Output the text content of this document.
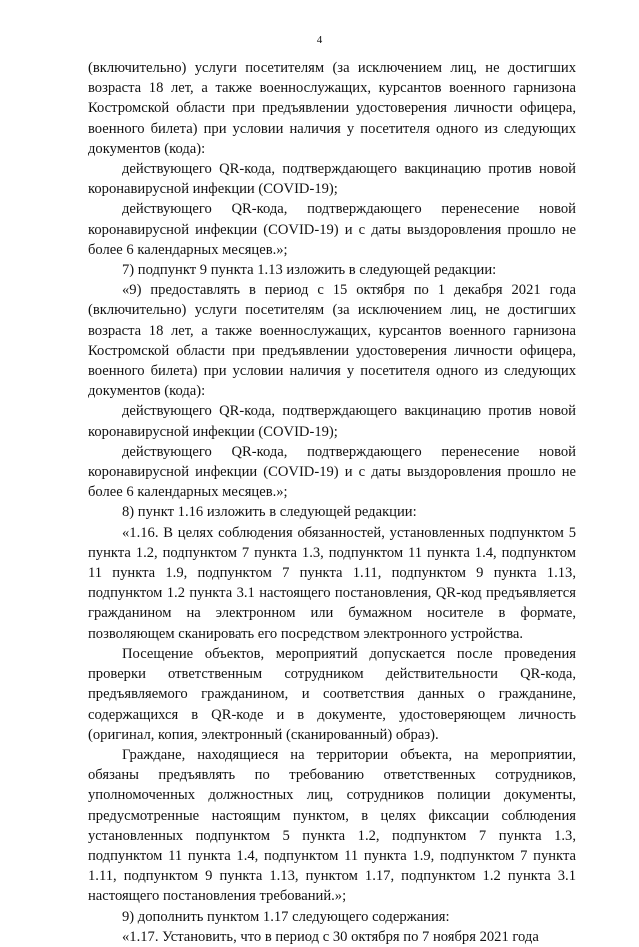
4

(включительно) услуги посетителям (за исключением лиц, не достигших возраста 18 лет, а также военнослужащих, курсантов военного гарнизона Костромской области при предъявлении удостоверения личности офицера, военного билета) при условии наличия у посетителя одного из следующих документов (кода):

действующего QR-кода, подтверждающего вакцинацию против новой коронавирусной инфекции (COVID-19);

действующего QR-кода, подтверждающего перенесение новой коронавирусной инфекции (COVID-19) и с даты выздоровления прошло не более 6 календарных месяцев.»;

7) подпункт 9 пункта 1.13 изложить в следующей редакции:

«9) предоставлять в период с 15 октября по 1 декабря 2021 года (включительно) услуги посетителям (за исключением лиц, не достигших возраста 18 лет, а также военнослужащих, курсантов военного гарнизона Костромской области при предъявлении удостоверения личности офицера, военного билета) при условии наличия у посетителя одного из следующих документов (кода):

действующего QR-кода, подтверждающего вакцинацию против новой коронавирусной инфекции (COVID-19);

действующего QR-кода, подтверждающего перенесение новой коронавирусной инфекции (COVID-19) и с даты выздоровления прошло не более 6 календарных месяцев.»;

8) пункт 1.16 изложить в следующей редакции:

«1.16. В целях соблюдения обязанностей, установленных подпунктом 5 пункта 1.2, подпунктом 7 пункта 1.3, подпунктом 11 пункта 1.4, подпунктом 11 пункта 1.9, подпунктом 7 пункта 1.11, подпунктом 9 пункта 1.13, подпунктом 1.2 пункта 3.1 настоящего постановления, QR-код предъявляется гражданином на электронном или бумажном носителе в формате, позволяющем сканировать его посредством электронного устройства.

Посещение объектов, мероприятий допускается после проведения проверки ответственным сотрудником действительности QR-кода, предъявляемого гражданином, и соответствия данных о гражданине, содержащихся в QR-коде и в документе, удостоверяющем личность (оригинал, копия, электронный (сканированный) образ).

Граждане, находящиеся на территории объекта, на мероприятии, обязаны предъявлять по требованию ответственных сотрудников, уполномоченных должностных лиц, сотрудников полиции документы, предусмотренные настоящим пунктом, в целях фиксации соблюдения установленных подпунктом 5 пункта 1.2, подпунктом 7 пункта 1.3, подпунктом 11 пункта 1.4, подпунктом 11 пункта 1.9, подпунктом 7 пункта 1.11, подпунктом 9 пункта 1.13, пунктом 1.17, подпунктом 1.2 пункта 3.1 настоящего постановления требований.»;

9) дополнить пунктом 1.17 следующего содержания:

«1.17. Установить, что в период с 30 октября по 7 ноября 2021 года
